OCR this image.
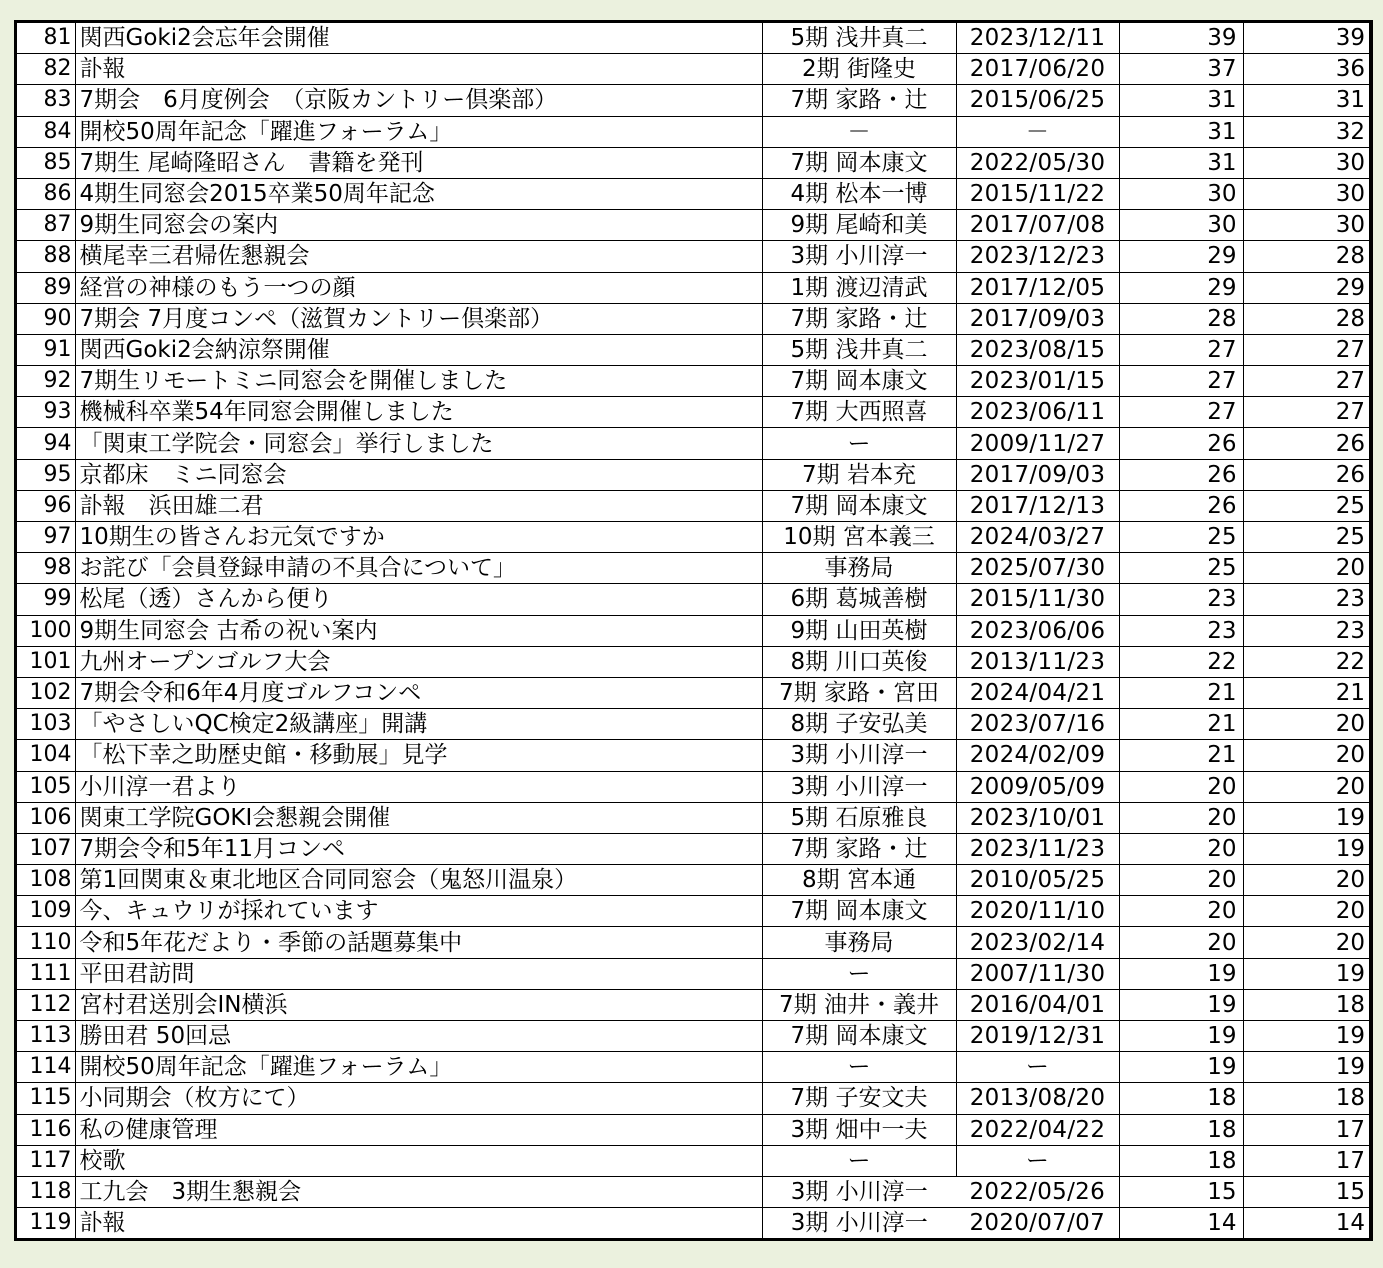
81	関西Goki2会忘年会開催	5期 浅井真二	2023/12/11	39	39
82	訃報	2期 街隆史	2017/06/20	37	36
83	7期会　6月度例会　（京阪カントリー倶楽部）	7期 家路・辻	2015/06/25	31	31
84	開校50周年記念「躍進フォーラム」	－	－	31	32
85	7期生 尾崎隆昭さん　書籍を発刊	7期 岡本康文	2022/05/30	31	30
86	4期生同窓会2015卒業50周年記念	4期 松本一博	2015/11/22	30	30
87	9期生同窓会の案内	9期 尾崎和美	2017/07/08	30	30
88	横尾幸三君帰佐懇親会	3期 小川淳一	2023/12/23	29	28
89	経営の神様のもう一つの顔	1期 渡辺清武	2017/12/05	29	29
90	7期会 7月度コンペ（滋賀カントリー倶楽部）	7期 家路・辻	2017/09/03	28	28
91	関西Goki2会納涼祭開催	5期 浅井真二	2023/08/15	27	27
92	7期生リモートミニ同窓会を開催しました	7期 岡本康文	2023/01/15	27	27
93	機械科卒業54年同窓会開催しました	7期 大西照喜	2023/06/11	27	27
94	「関東工学院会・同窓会」挙行しました	ー	2009/11/27	26	26
95	京都床　ミニ同窓会	7期 岩本充	2017/09/03	26	26
96	訃報　浜田雄二君	7期 岡本康文	2017/12/13	26	25
97	10期生の皆さんお元気ですか	10期 宮本義三	2024/03/27	25	25
98	お詫び「会員登録申請の不具合について」	事務局	2025/07/30	25	20
99	松尾（透）さんから便り	6期 葛城善樹	2015/11/30	23	23
100	9期生同窓会 古希の祝い案内	9期 山田英樹	2023/06/06	23	23
101	九州オープンゴルフ大会	8期 川口英俊	2013/11/23	22	22
102	7期会令和6年4月度ゴルフコンペ	7期 家路・宮田	2024/04/21	21	21
103	「やさしいQC検定2級講座」開講	8期 子安弘美	2023/07/16	21	20
104	「松下幸之助歴史館・移動展」見学	3期 小川淳一	2024/02/09	21	20
105	小川淳一君より	3期 小川淳一	2009/05/09	20	20
106	関東工学院GOKI会懇親会開催	5期 石原雅良	2023/10/01	20	19
107	7期会令和5年11月コンペ	7期 家路・辻	2023/11/23	20	19
108	第1回関東＆東北地区合同同窓会（鬼怒川温泉）	8期 宮本通	2010/05/25	20	20
109	今、キュウリが採れています	7期 岡本康文	2020/11/10	20	20
110	令和5年花だより・季節の話題募集中	事務局	2023/02/14	20	20
111	平田君訪問	ー	2007/11/30	19	19
112	宮村君送別会IN横浜	7期 油井・義井	2016/04/01	19	18
113	勝田君 50回忌	7期 岡本康文	2019/12/31	19	19
114	開校50周年記念「躍進フォーラム」	ー	ー	19	19
115	小同期会（枚方にて）	7期 子安文夫	2013/08/20	18	18
116	私の健康管理	3期 畑中一夫	2022/04/22	18	17
117	校歌	ー	ー	18	17
118	工九会　3期生懇親会	3期 小川淳一	2022/05/26	15	15
119	訃報	3期 小川淳一	2020/07/07	14	14
